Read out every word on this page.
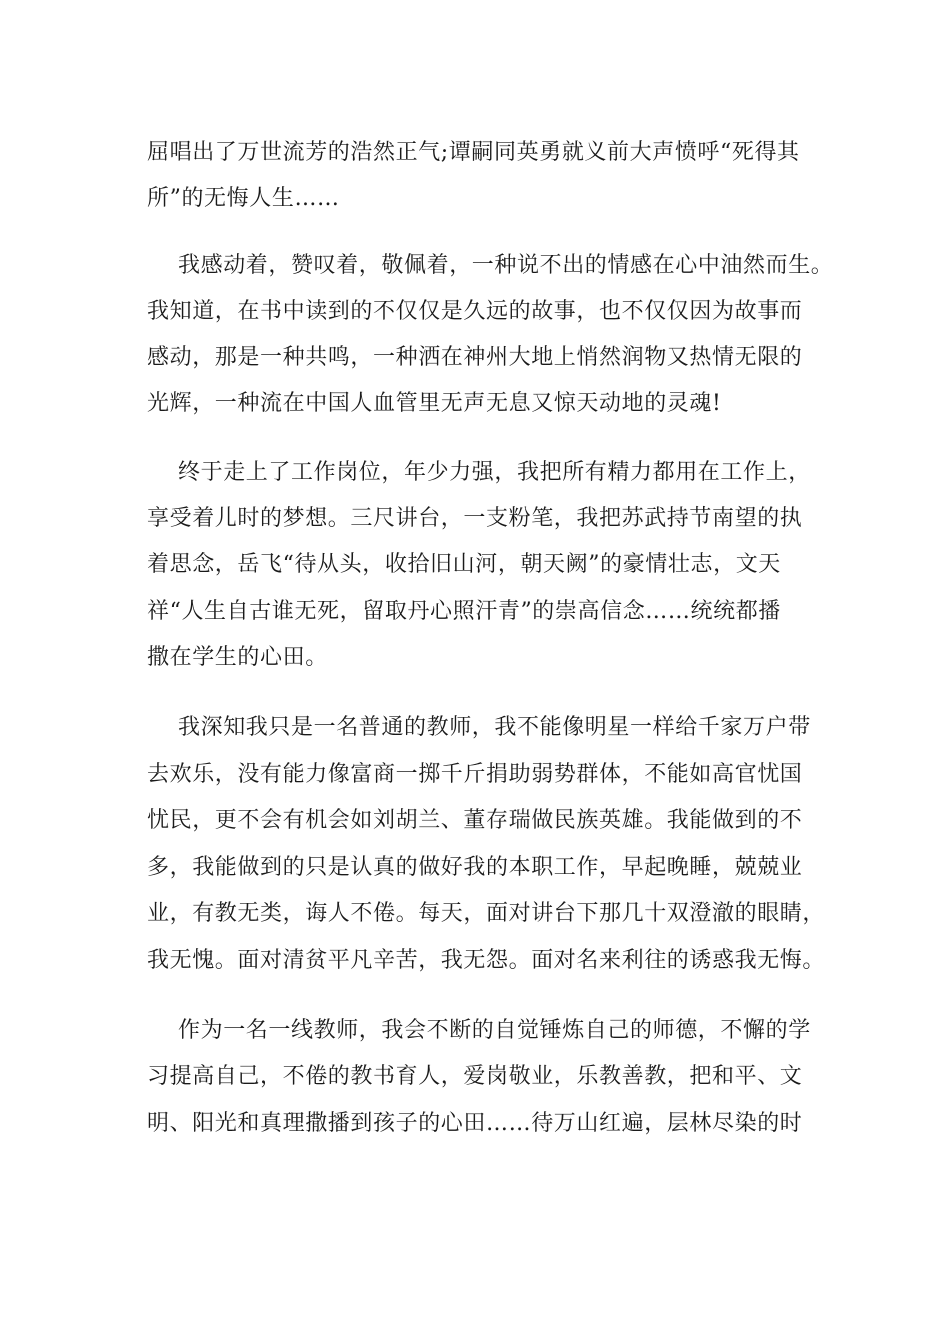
屈唱出了万世流芳的浩然正气;谭嗣同英勇就义前大声愤呼“死得其

所”的无悔人生……

我感动着，赞叹着，敬佩着，一种说不出的情感在心中油然而生。

我知道，在书中读到的不仅仅是久远的故事，也不仅仅因为故事而

感动，那是一种共鸣，一种洒在神州大地上悄然润物又热情无限的

光辉，一种流在中国人血管里无声无息又惊天动地的灵魂!

终于走上了工作岗位，年少力强，我把所有精力都用在工作上，

享受着儿时的梦想。三尺讲台，一支粉笔，我把苏武持节南望的执

着思念，岳飞“待从头，收拾旧山河，朝天阙”的豪情壮志，文天

祥“人生自古谁无死，留取丹心照汗青”的崇高信念……统统都播

撒在学生的心田。

我深知我只是一名普通的教师，我不能像明星一样给千家万户带

去欢乐，没有能力像富商一掷千斤捐助弱势群体，不能如高官忧国

忧民，更不会有机会如刘胡兰、董存瑞做民族英雄。我能做到的不

多，我能做到的只是认真的做好我的本职工作，早起晚睡，兢兢业

业，有教无类，诲人不倦。每天，面对讲台下那几十双澄澈的眼睛，

我无愧。面对清贫平凡辛苦，我无怨。面对名来利往的诱惑我无悔。

作为一名一线教师，我会不断的自觉锤炼自己的师德，不懈的学

习提高自己，不倦的教书育人，爱岗敬业，乐教善教，把和平、文

明、阳光和真理撒播到孩子的心田……待万山红遍，层林尽染的时
